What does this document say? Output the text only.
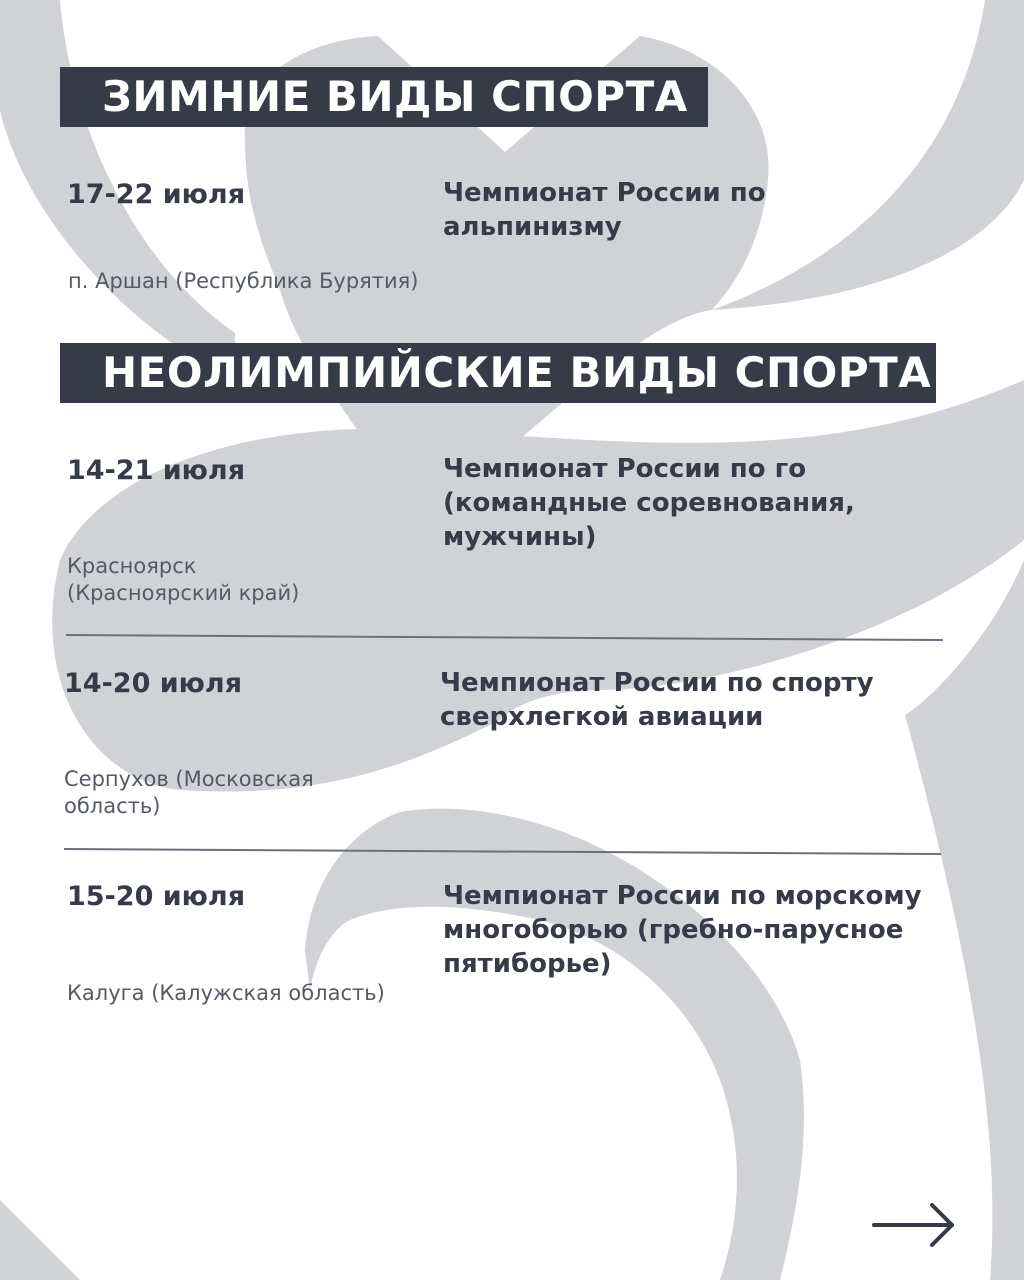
ЗИМНИЕ ВИДЫ СПОРТА
17-22 июля	Чемпионат России по альпинизму
п. Аршан (Республика Бурятия)
НЕОЛИМПИЙСКИЕ ВИДЫ СПОРТА
14-21 июля	Чемпионат России по го (командные соревнования, мужчины)
Красноярск (Красноярский край)
14-20 июля	Чемпионат России по спорту сверхлегкой авиации
Серпухов (Московская область)
15-20 июля	Чемпионат России по морскому многоборью (гребно-парусное пятиборье)
Калуга (Калужская область)
